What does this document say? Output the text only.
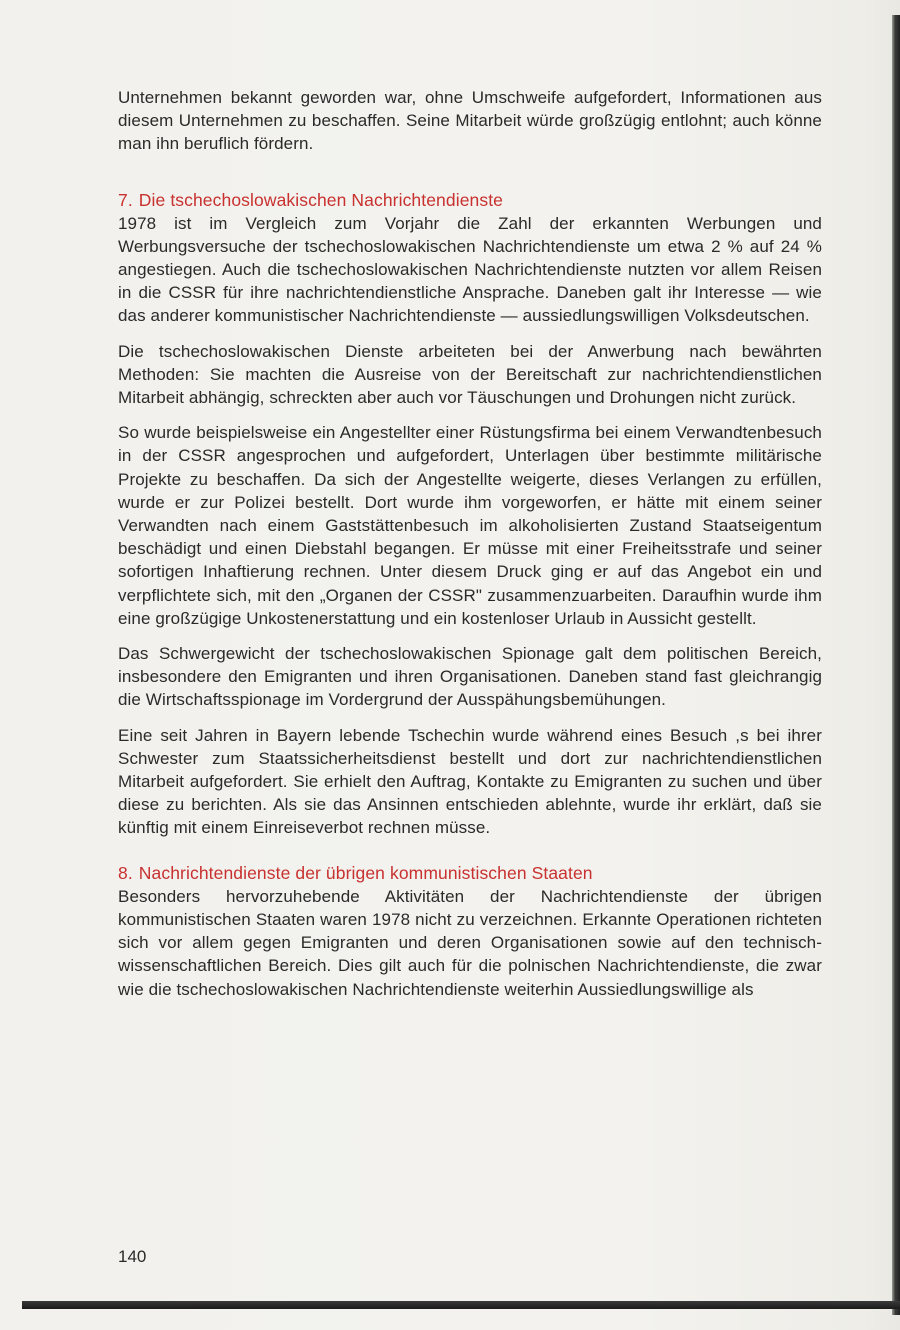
Unternehmen bekannt geworden war, ohne Umschweife aufgefordert, Informationen aus diesem Unternehmen zu beschaffen. Seine Mitarbeit würde großzügig entlohnt; auch könne man ihn beruflich fördern.

7. Die tschechoslowakischen Nachrichtendienste

1978 ist im Vergleich zum Vorjahr die Zahl der erkannten Werbungen und Werbungsversuche der tschechoslowakischen Nachrichtendienste um etwa 2 % auf 24 % angestiegen. Auch die tschechoslowakischen Nachrichtendienste nutzten vor allem Reisen in die CSSR für ihre nachrichtendienstliche Ansprache. Daneben galt ihr Interesse — wie das anderer kommunistischer Nachrichtendienste — aussiedlungswilligen Volksdeutschen.

Die tschechoslowakischen Dienste arbeiteten bei der Anwerbung nach bewährten Methoden: Sie machten die Ausreise von der Bereitschaft zur nachrichtendienstlichen Mitarbeit abhängig, schreckten aber auch vor Täuschungen und Drohungen nicht zurück.

So wurde beispielsweise ein Angestellter einer Rüstungsfirma bei einem Verwandtenbesuch in der CSSR angesprochen und aufgefordert, Unterlagen über bestimmte militärische Projekte zu beschaffen. Da sich der Angestellte weigerte, dieses Verlangen zu erfüllen, wurde er zur Polizei bestellt. Dort wurde ihm vorgeworfen, er hätte mit einem seiner Verwandten nach einem Gaststättenbesuch im alkoholisierten Zustand Staatseigentum beschädigt und einen Diebstahl begangen. Er müsse mit einer Freiheitsstrafe und seiner sofortigen Inhaftierung rechnen. Unter diesem Druck ging er auf das Angebot ein und verpflichtete sich, mit den „Organen der CSSR" zusammenzuarbeiten. Daraufhin wurde ihm eine großzügige Unkostenerstattung und ein kostenloser Urlaub in Aussicht gestellt.

Das Schwergewicht der tschechoslowakischen Spionage galt dem politischen Bereich, insbesondere den Emigranten und ihren Organisationen. Daneben stand fast gleichrangig die Wirtschaftsspionage im Vordergrund der Ausspähungsbemühungen.

Eine seit Jahren in Bayern lebende Tschechin wurde während eines Besuch ,s bei ihrer Schwester zum Staatssicherheitsdienst bestellt und dort zur nachrichtendienstlichen Mitarbeit aufgefordert. Sie erhielt den Auftrag, Kontakte zu Emigranten zu suchen und über diese zu berichten. Als sie das Ansinnen entschieden ablehnte, wurde ihr erklärt, daß sie künftig mit einem Einreiseverbot rechnen müsse.

8. Nachrichtendienste der übrigen kommunistischen Staaten

Besonders hervorzuhebende Aktivitäten der Nachrichtendienste der übrigen kommunistischen Staaten waren 1978 nicht zu verzeichnen. Erkannte Operationen richteten sich vor allem gegen Emigranten und deren Organisationen sowie auf den technisch-wissenschaftlichen Bereich. Dies gilt auch für die polnischen Nachrichtendienste, die zwar wie die tschechoslowakischen Nachrichtendienste weiterhin Aussiedlungswillige als

140
